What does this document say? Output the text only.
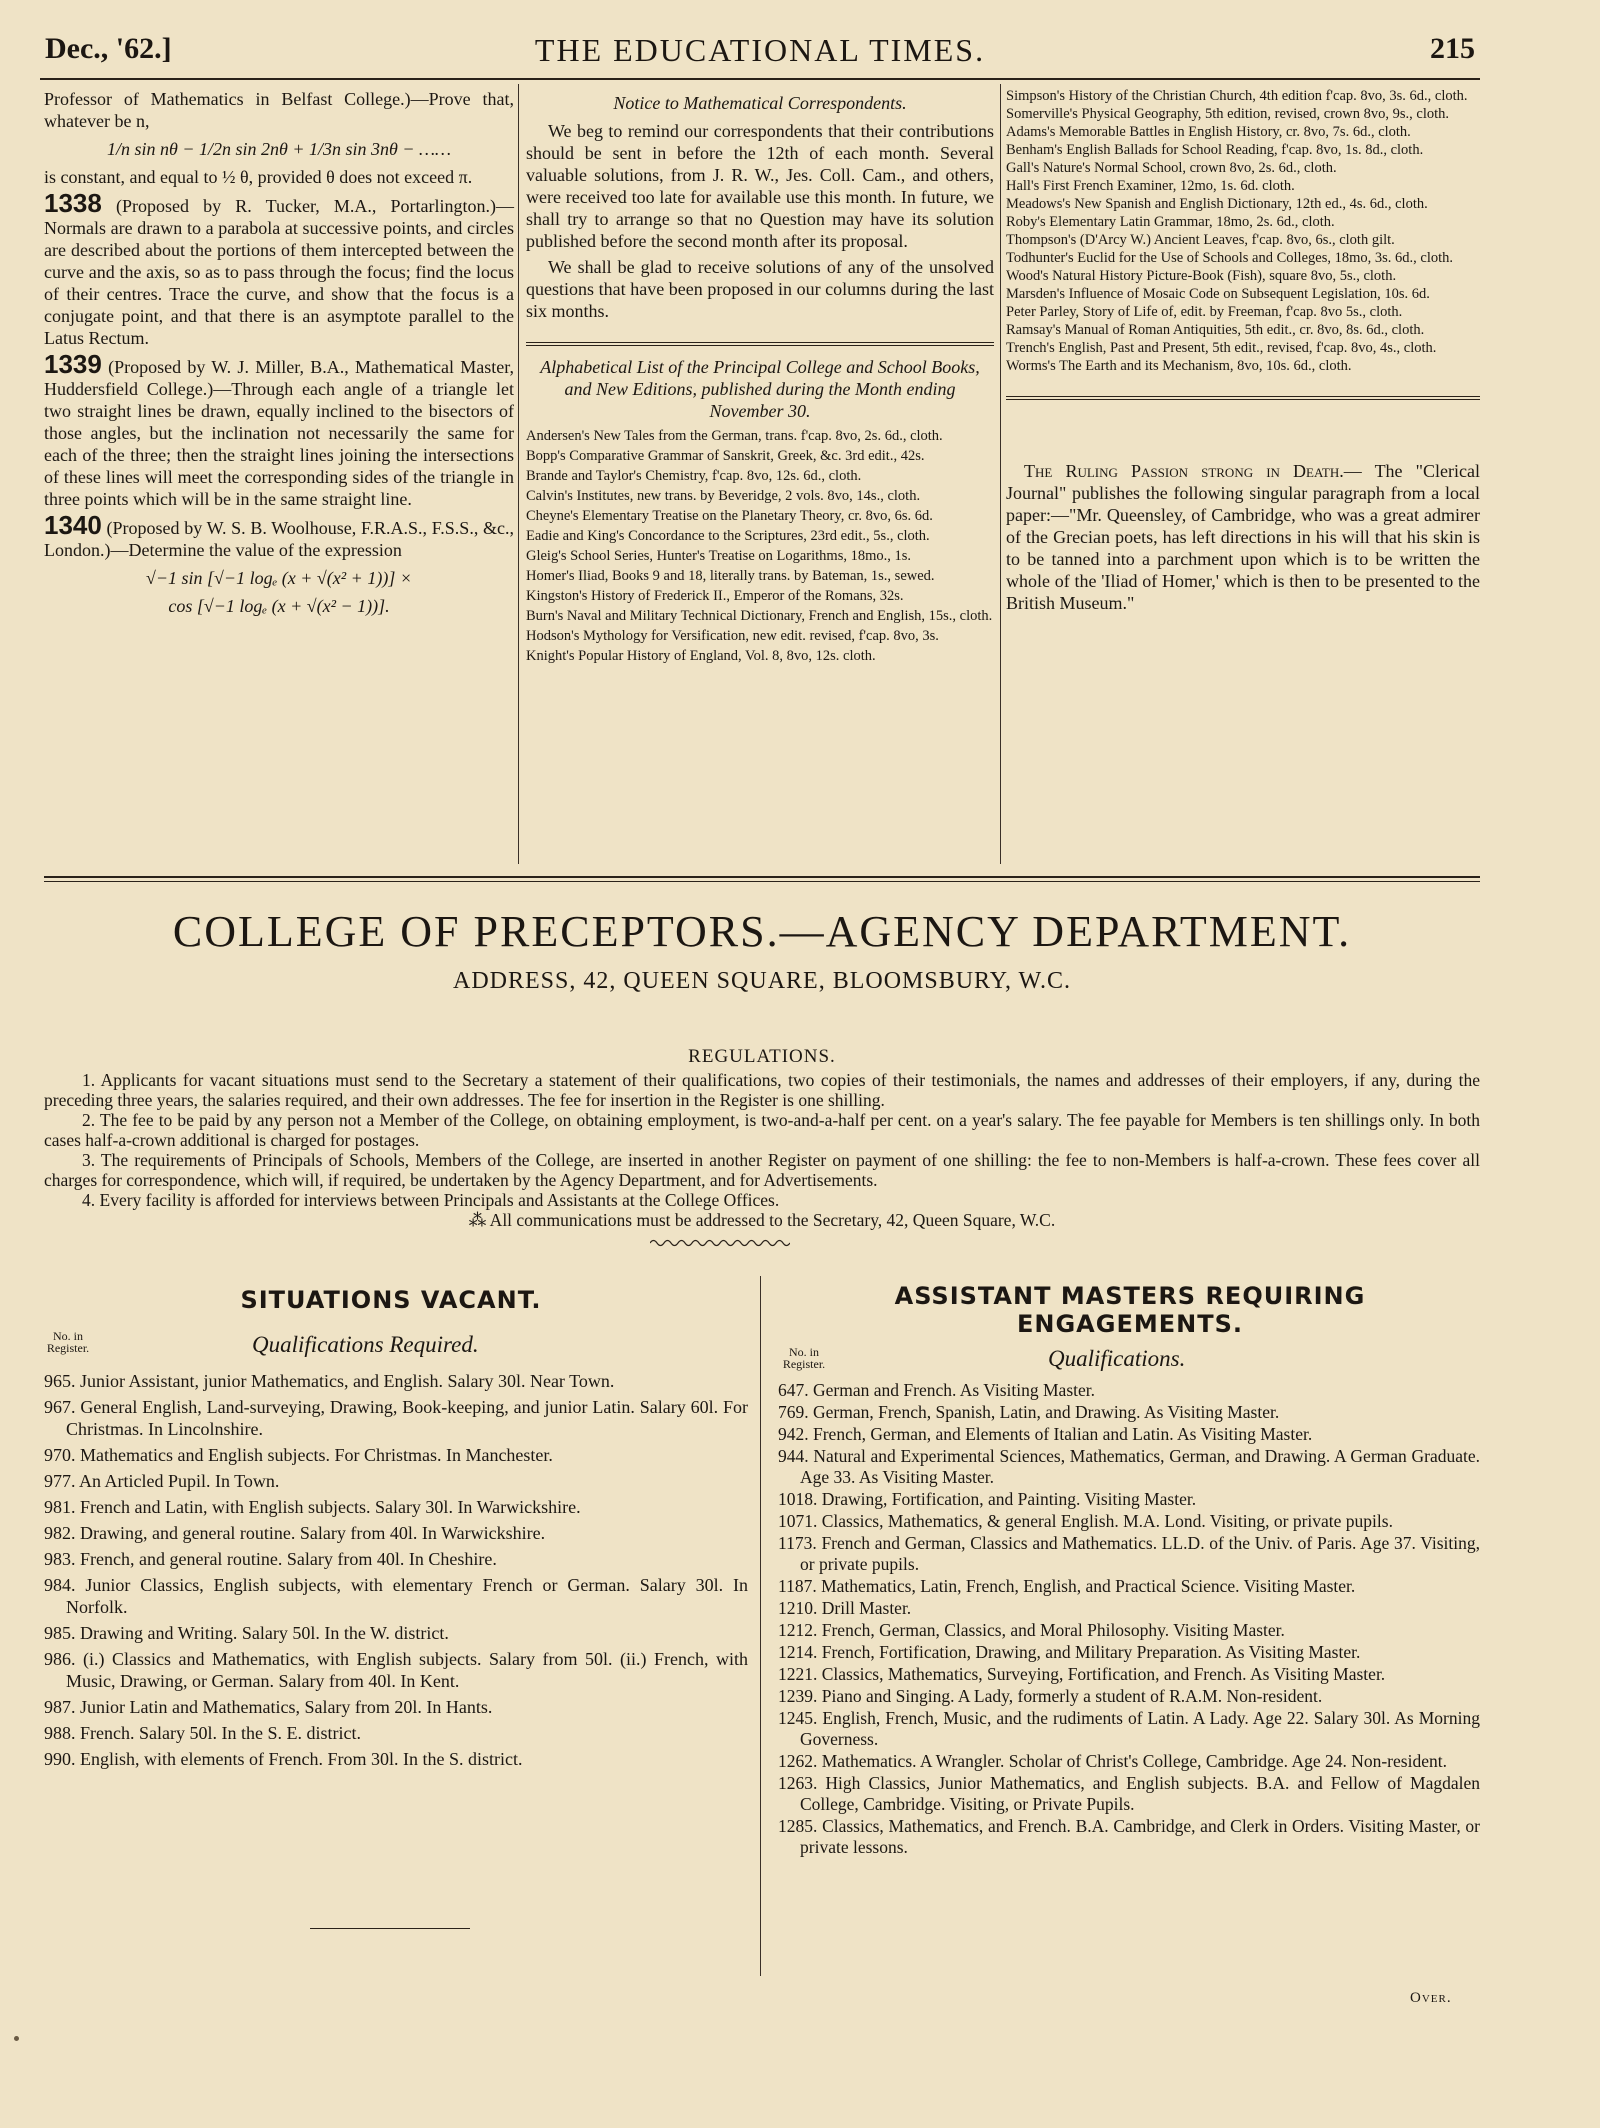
Dec., '62.]	THE EDUCATIONAL TIMES.	215

Professor of Mathematics in Belfast College.)—Prove that, whatever be n,

1/n sin nθ − 1/2n sin 2nθ + 1/3n sin 3nθ − ……

is constant, and equal to ½ θ, provided θ does not exceed π.

1338 (Proposed by R. Tucker, M.A., Portarlington.)—Normals are drawn to a parabola at successive points, and circles are described about the portions of them intercepted between the curve and the axis, so as to pass through the focus; find the locus of their centres. Trace the curve, and show that the focus is a conjugate point, and that there is an asymptote parallel to the Latus Rectum.

1339 (Proposed by W. J. Miller, B.A., Mathematical Master, Huddersfield College.)—Through each angle of a triangle let two straight lines be drawn, equally inclined to the bisectors of those angles, but the inclination not necessarily the same for each of the three; then the straight lines joining the intersections of these lines will meet the corresponding sides of the triangle in three points which will be in the same straight line.

1340 (Proposed by W. S. B. Woolhouse, F.R.A.S., F.S.S., &c., London.)—Determine the value of the expression

√−1 sin [√−1 logₑ (x + √(x² + 1))] ×
cos [√−1 logₑ (x + √(x² − 1))].
Notice to Mathematical Correspondents.

We beg to remind our correspondents that their contributions should be sent in before the 12th of each month. Several valuable solutions, from J. R. W., Jes. Coll. Cam., and others, were received too late for available use this month. In future, we shall try to arrange so that no Question may have its solution published before the second month after its proposal.

We shall be glad to receive solutions of any of the unsolved questions that have been proposed in our columns during the last six months.

Alphabetical List of the Principal College and School Books, and New Editions, published during the Month ending November 30.

Andersen's New Tales from the German, trans. f'cap. 8vo, 2s. 6d., cloth.

Bopp's Comparative Grammar of Sanskrit, Greek, &c. 3rd edit., 42s.

Brande and Taylor's Chemistry, f'cap. 8vo, 12s. 6d., cloth.

Calvin's Institutes, new trans. by Beveridge, 2 vols. 8vo, 14s., cloth.

Cheyne's Elementary Treatise on the Planetary Theory, cr. 8vo, 6s. 6d.

Eadie and King's Concordance to the Scriptures, 23rd edit., 5s., cloth.

Gleig's School Series, Hunter's Treatise on Logarithms, 18mo., 1s.

Homer's Iliad, Books 9 and 18, literally trans. by Bateman, 1s., sewed.

Kingston's History of Frederick II., Emperor of the Romans, 32s.

Burn's Naval and Military Technical Dictionary, French and English, 15s., cloth.

Hodson's Mythology for Versification, new edit. revised, f'cap. 8vo, 3s.

Knight's Popular History of England, Vol. 8, 8vo, 12s. cloth.

Simpson's History of the Christian Church, 4th edition f'cap. 8vo, 3s. 6d., cloth.

Somerville's Physical Geography, 5th edition, revised, crown 8vo, 9s., cloth.

Adams's Memorable Battles in English History, cr. 8vo, 7s. 6d., cloth.

Benham's English Ballads for School Reading, f'cap. 8vo, 1s. 8d., cloth.

Gall's Nature's Normal School, crown 8vo, 2s. 6d., cloth.

Hall's First French Examiner, 12mo, 1s. 6d. cloth.

Meadows's New Spanish and English Dictionary, 12th ed., 4s. 6d., cloth.

Roby's Elementary Latin Grammar, 18mo, 2s. 6d., cloth.

Thompson's (D'Arcy W.) Ancient Leaves, f'cap. 8vo, 6s., cloth gilt.

Todhunter's Euclid for the Use of Schools and Colleges, 18mo, 3s. 6d., cloth.

Wood's Natural History Picture-Book (Fish), square 8vo, 5s., cloth.

Marsden's Influence of Mosaic Code on Subsequent Legislation, 10s. 6d.

Peter Parley, Story of Life of, edit. by Freeman, f'cap. 8vo 5s., cloth.

Ramsay's Manual of Roman Antiquities, 5th edit., cr. 8vo, 8s. 6d., cloth.

Trench's English, Past and Present, 5th edit., revised, f'cap. 8vo, 4s., cloth.

Worms's The Earth and its Mechanism, 8vo, 10s. 6d., cloth.

The Ruling Passion strong in Death.— The "Clerical Journal" publishes the following singular paragraph from a local paper:—"Mr. Queensley, of Cambridge, who was a great admirer of the Grecian poets, has left directions in his will that his skin is to be tanned into a parchment upon which is to be written the whole of the 'Iliad of Homer,' which is then to be presented to the British Museum."

COLLEGE OF PRECEPTORS.—AGENCY DEPARTMENT.
ADDRESS, 42, QUEEN SQUARE, BLOOMSBURY, W.C.
REGULATIONS.

1. Applicants for vacant situations must send to the Secretary a statement of their qualifications, two copies of their testimonials, the names and addresses of their employers, if any, during the preceding three years, the salaries required, and their own addresses. The fee for insertion in the Register is one shilling.

2. The fee to be paid by any person not a Member of the College, on obtaining employment, is two-and-a-half per cent. on a year's salary. The fee payable for Members is ten shillings only. In both cases half-a-crown additional is charged for postages.

3. The requirements of Principals of Schools, Members of the College, are inserted in another Register on payment of one shilling: the fee to non-Members is half-a-crown. These fees cover all charges for correspondence, which will, if required, be undertaken by the Agency Department, and for Advertisements.

4. Every facility is afforded for interviews between Principals and Assistants at the College Offices.

⁂ All communications must be addressed to the Secretary, 42, Queen Square, W.C.

SITUATIONS VACANT.
No. in
Register.	Qualifications Required.

965. Junior Assistant, junior Mathematics, and English. Salary 30l. Near Town.

967. General English, Land-surveying, Drawing, Book-keeping, and junior Latin. Salary 60l. For Christmas. In Lincolnshire.

970. Mathematics and English subjects. For Christmas. In Manchester.

977. An Articled Pupil. In Town.

981. French and Latin, with English subjects. Salary 30l. In Warwickshire.

982. Drawing, and general routine. Salary from 40l. In Warwickshire.

983. French, and general routine. Salary from 40l. In Cheshire.

984. Junior Classics, English subjects, with elementary French or German. Salary 30l. In Norfolk.

985. Drawing and Writing. Salary 50l. In the W. district.

986. (i.) Classics and Mathematics, with English subjects. Salary from 50l. (ii.) French, with Music, Drawing, or German. Salary from 40l. In Kent.

987. Junior Latin and Mathematics, Salary from 20l. In Hants.

988. French. Salary 50l. In the S. E. district.

990. English, with elements of French. From 30l. In the S. district.

ASSISTANT MASTERS REQUIRING ENGAGEMENTS.
No. in
Register.	Qualifications.

647. German and French. As Visiting Master.

769. German, French, Spanish, Latin, and Drawing. As Visiting Master.

942. French, German, and Elements of Italian and Latin. As Visiting Master.

944. Natural and Experimental Sciences, Mathematics, German, and Drawing. A German Graduate. Age 33. As Visiting Master.

1018. Drawing, Fortification, and Painting. Visiting Master.

1071. Classics, Mathematics, & general English. M.A. Lond. Visiting, or private pupils.

1173. French and German, Classics and Mathematics. LL.D. of the Univ. of Paris. Age 37. Visiting, or private pupils.

1187. Mathematics, Latin, French, English, and Practical Science. Visiting Master.

1210. Drill Master.

1212. French, German, Classics, and Moral Philosophy. Visiting Master.

1214. French, Fortification, Drawing, and Military Preparation. As Visiting Master.

1221. Classics, Mathematics, Surveying, Fortification, and French. As Visiting Master.

1239. Piano and Singing. A Lady, formerly a student of R.A.M. Non-resident.

1245. English, French, Music, and the rudiments of Latin. A Lady. Age 22. Salary 30l. As Morning Governess.

1262. Mathematics. A Wrangler. Scholar of Christ's College, Cambridge. Age 24. Non-resident.

1263. High Classics, Junior Mathematics, and English subjects. B.A. and Fellow of Magdalen College, Cambridge. Visiting, or Private Pupils.

1285. Classics, Mathematics, and French. B.A. Cambridge, and Clerk in Orders. Visiting Master, or private lessons.

Over.
